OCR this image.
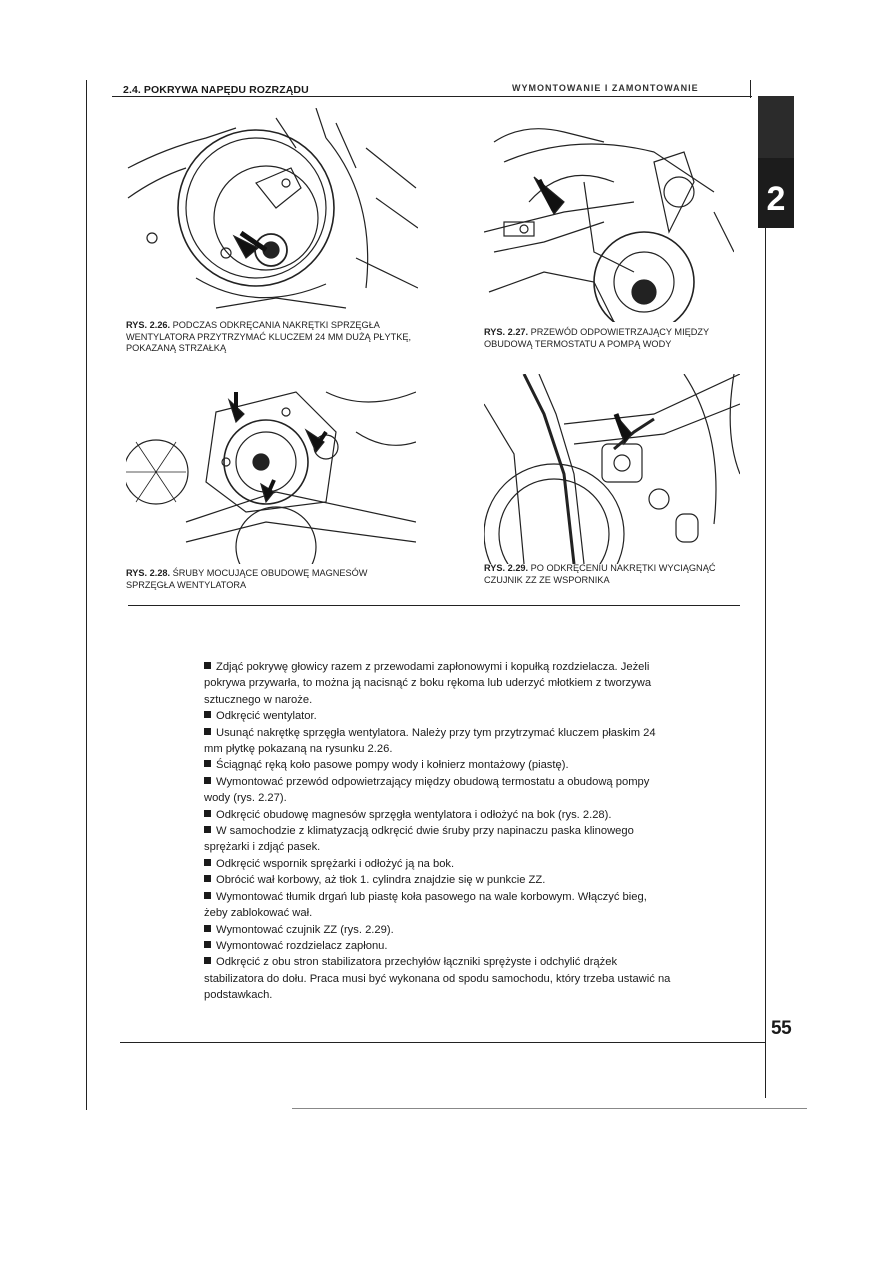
2.4. POKRYWA NAPĘDU ROZRZĄDU	WYMONTOWANIE I ZAMONTOWANIE
2
RYS. 2.26. PODCZAS ODKRĘCANIA NAKRĘTKI SPRZĘGŁA WENTYLATORA PRZYTRZYMAĆ KLUCZEM 24 MM DUŻĄ PŁYTKĘ, POKAZANĄ STRZAŁKĄ
RYS. 2.27. PRZEWÓD ODPOWIETRZAJĄCY MIĘDZY OBUDOWĄ TERMOSTATU A POMPĄ WODY
RYS. 2.28. ŚRUBY MOCUJĄCE OBUDOWĘ MAGNESÓW SPRZĘGŁA WENTYLATORA
RYS. 2.29. PO ODKRĘCENIU NAKRĘTKI WYCIĄGNĄĆ CZUJNIK ZZ ZE WSPORNIKA

Zdjąć pokrywę głowicy razem z przewodami zapłonowymi i kopułką rozdzielacza. Jeżeli pokrywa przywarła, to można ją nacisnąć z boku rękoma lub uderzyć młotkiem z tworzywa sztucznego w naroże.

Odkręcić wentylator.

Usunąć nakrętkę sprzęgła wentylatora. Należy przy tym przytrzymać kluczem płaskim 24 mm płytkę pokazaną na rysunku 2.26.

Ściągnąć ręką koło pasowe pompy wody i kołnierz montażowy (piastę).

Wymontować przewód odpowietrzający między obudową termostatu a obudową pompy wody (rys. 2.27).

Odkręcić obudowę magnesów sprzęgła wentylatora i odłożyć na bok (rys. 2.28).

W samochodzie z klimatyzacją odkręcić dwie śruby przy napinaczu paska klinowego sprężarki i zdjąć pasek.

Odkręcić wspornik sprężarki i odłożyć ją na bok.

Obrócić wał korbowy, aż tłok 1. cylindra znajdzie się w punkcie ZZ.

Wymontować tłumik drgań lub piastę koła pasowego na wale korbowym. Włączyć bieg, żeby zablokować wał.

Wymontować czujnik ZZ (rys. 2.29).

Wymontować rozdzielacz zapłonu.

Odkręcić z obu stron stabilizatora przechyłów łączniki sprężyste i odchylić drążek stabilizatora do dołu. Praca musi być wykonana od spodu samochodu, który trzeba ustawić na podstawkach.

55
